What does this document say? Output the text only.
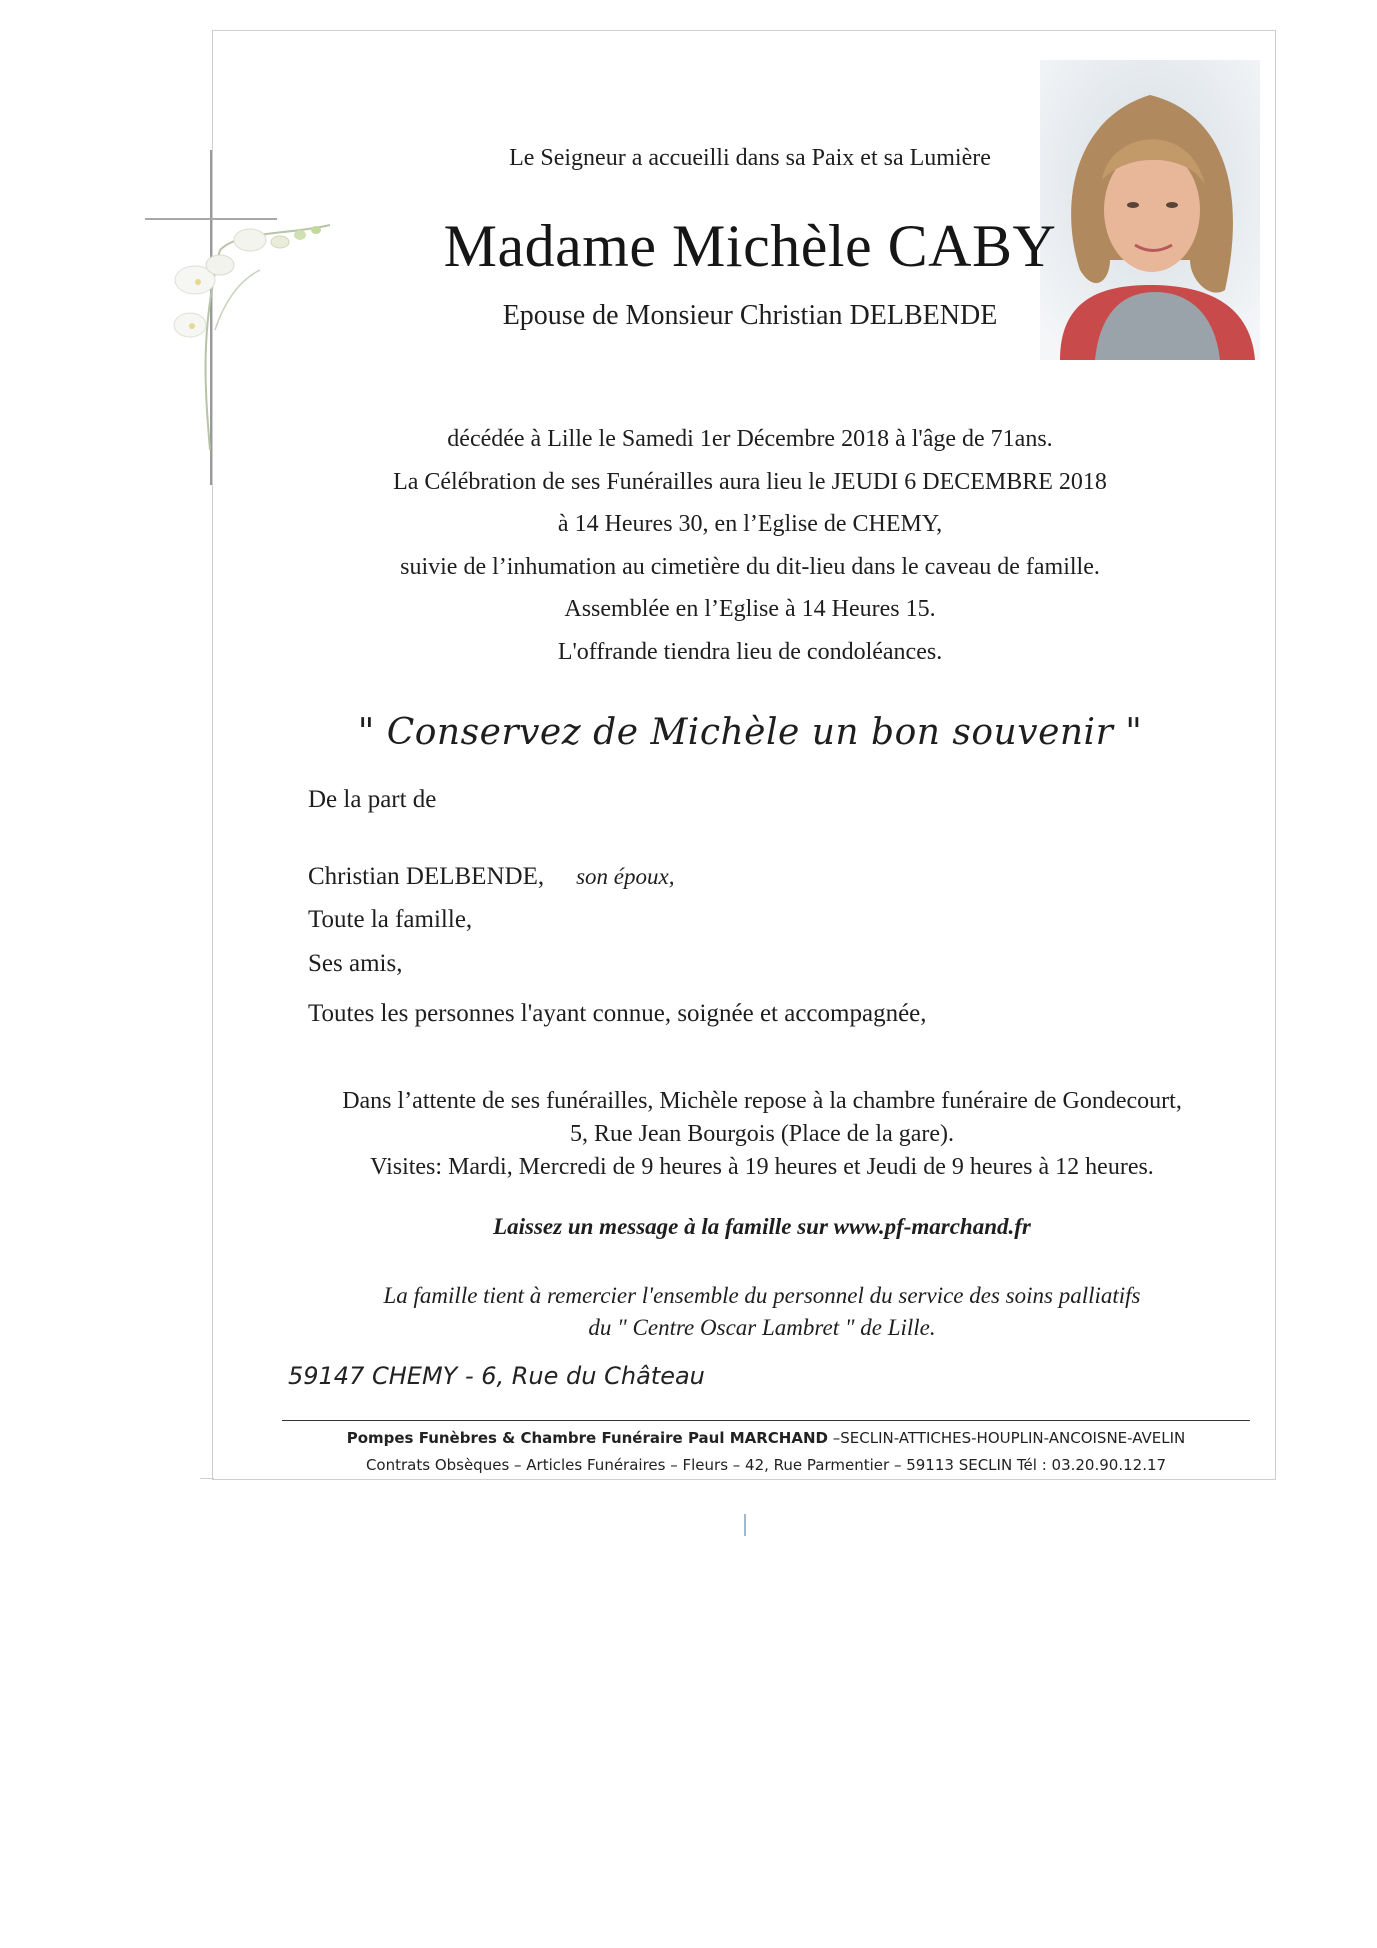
Le Seigneur a accueilli dans sa Paix et sa Lumière
Madame Michèle CABY
Epouse de Monsieur Christian DELBENDE
décédée à Lille le Samedi 1er Décembre 2018 à l'âge de 71ans.
La Célébration de ses Funérailles aura lieu le JEUDI 6 DECEMBRE 2018
à 14 Heures 30, en l’Eglise de CHEMY,
suivie de l’inhumation au cimetière du dit-lieu dans le caveau de famille.
Assemblée en l’Eglise à 14 Heures 15.
L'offrande tiendra lieu de condoléances.
" Conservez de Michèle un bon souvenir "
De la part de
Christian DELBENDE, son époux,
Toute la famille,
Ses amis,
Toutes les personnes l'ayant connue, soignée et accompagnée,
Dans l’attente de ses funérailles, Michèle repose à la chambre funéraire de Gondecourt,
5, Rue Jean Bourgois (Place de la gare).
Visites: Mardi, Mercredi de 9 heures à 19 heures et Jeudi de 9 heures à 12 heures.
Laissez un message à la famille sur www.pf-marchand.fr
La famille tient à remercier l'ensemble du personnel du service des soins palliatifs
du " Centre Oscar Lambret " de Lille.
59147 CHEMY - 6, Rue du Château
Pompes Funèbres & Chambre Funéraire Paul MARCHAND –SECLIN-ATTICHES-HOUPLIN-ANCOISNE-AVELIN
Contrats Obsèques – Articles Funéraires – Fleurs – 42, Rue Parmentier – 59113 SECLIN Tél : 03.20.90.12.17
